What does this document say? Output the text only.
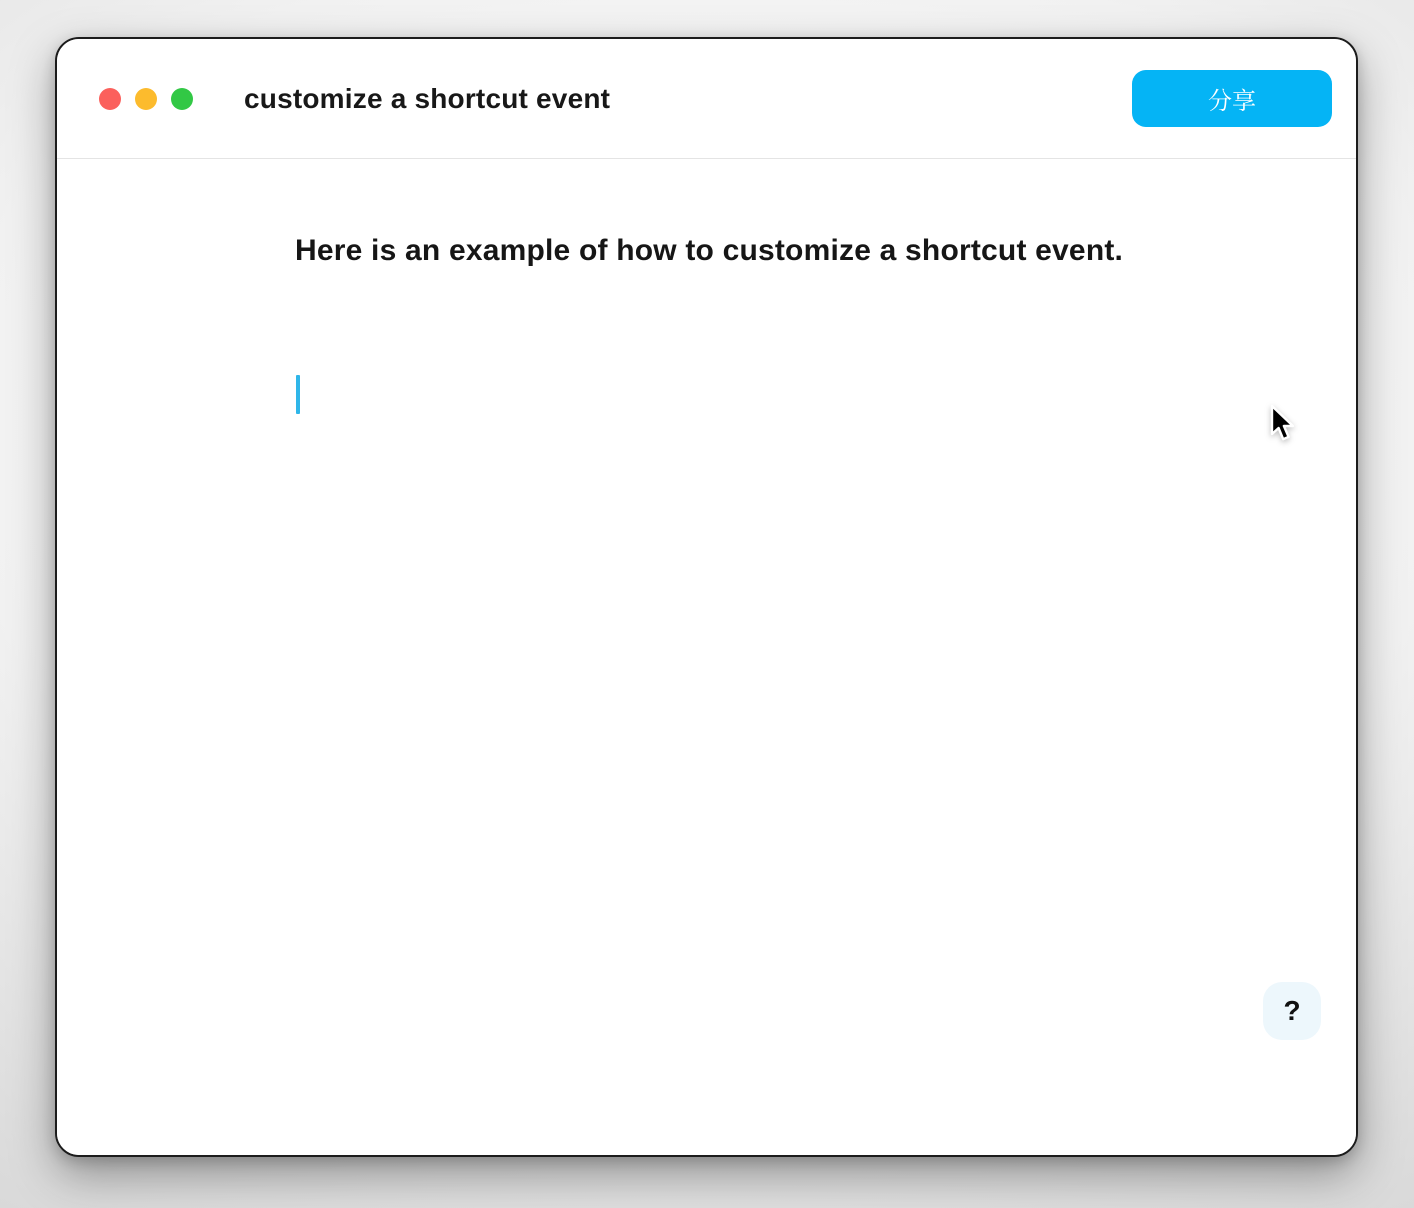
customize a shortcut event	分享
Here is an example of how to customize a shortcut event.
?
